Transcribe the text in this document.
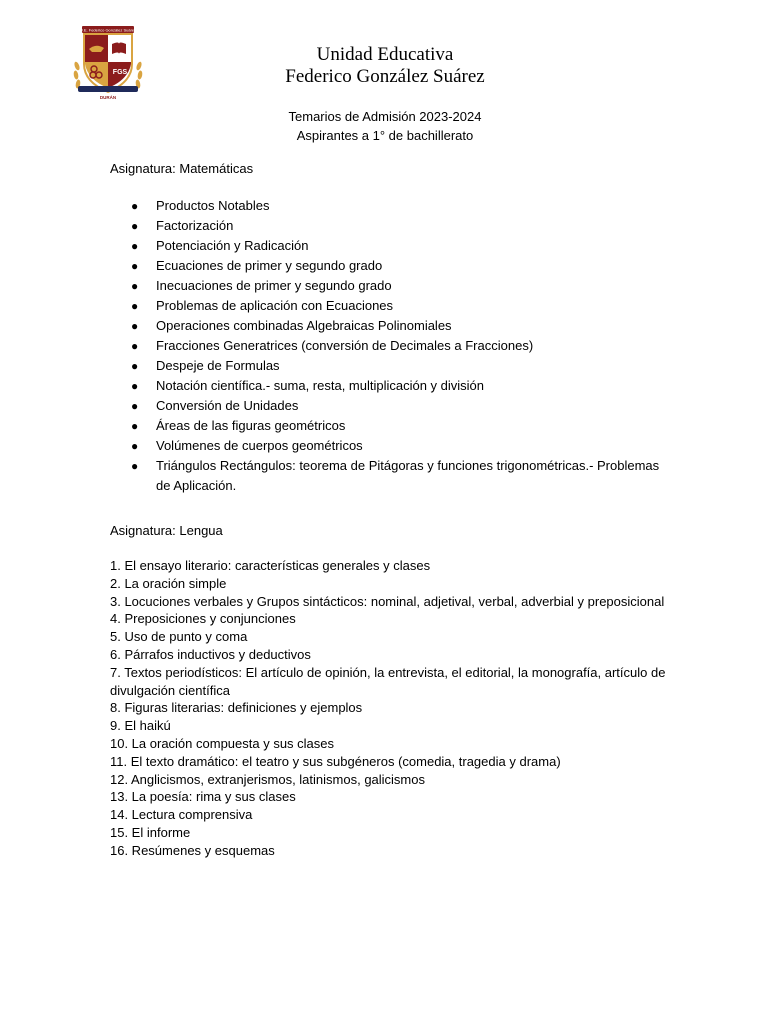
U.E. Federico González Suárez
FGS
DURÁN
Unidad Educativa
Federico González Suárez
Temarios de Admisión 2023-2024
Aspirantes a 1° de bachillerato
Asignatura: Matemáticas
● Productos Notables
● Factorización
● Potenciación y Radicación
● Ecuaciones de primer y segundo grado
● Inecuaciones de primer y segundo grado
● Problemas de aplicación con Ecuaciones
● Operaciones combinadas Algebraicas Polinomiales
● Fracciones Generatrices (conversión de Decimales a Fracciones)
● Despeje de Formulas
● Notación científica.- suma, resta, multiplicación y división
● Conversión de Unidades
● Áreas de las figuras geométricos
● Volúmenes de cuerpos geométricos
● Triángulos Rectángulos: teorema de Pitágoras y funciones trigonométricas.- Problemas de Aplicación.
Asignatura: Lengua
1. El ensayo literario: características generales y clases
2. La oración simple
3. Locuciones verbales y Grupos sintácticos: nominal, adjetival, verbal, adverbial y preposicional
4. Preposiciones y conjunciones
5. Uso de punto y coma
6. Párrafos inductivos y deductivos
7. Textos periodísticos: El artículo de opinión, la entrevista, el editorial, la monografía, artículo de divulgación científica
8. Figuras literarias: definiciones y ejemplos
9. El haikú
10. La oración compuesta y sus clases
11. El texto dramático: el teatro y sus subgéneros (comedia, tragedia y drama)
12. Anglicismos, extranjerismos, latinismos, galicismos
13. La poesía: rima y sus clases
14. Lectura comprensiva
15. El informe
16. Resúmenes y esquemas
